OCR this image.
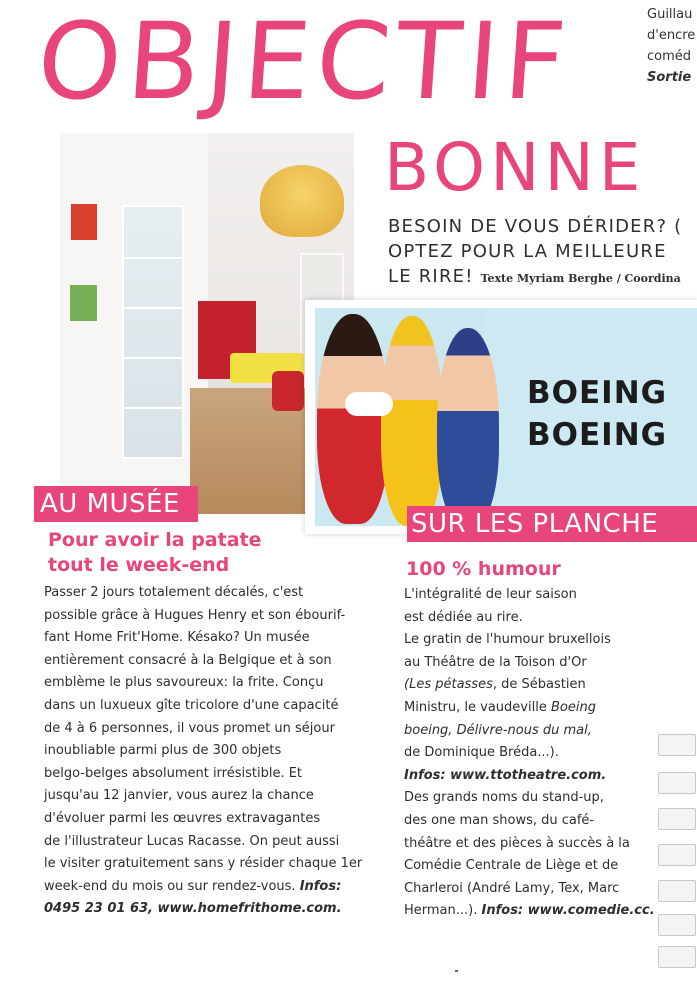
OBJECTIF
BONNE
Guillau
d'encre
coméd
Sortie
BESOIN DE VOUS DÉRIDER? (
OPTEZ POUR LA MEILLEURE
LE RIRE! Texte Myriam Berghe / Coordina
BOEING
BOEING
AU MUSÉE
SUR LES PLANCHE
Pour avoir la patate
tout le week-end
Passer 2 jours totalement décalés, c'est
possible grâce à Hugues Henry et son ébourif-
fant Home Frit'Home. Késako? Un musée
entièrement consacré à la Belgique et à son
emblème le plus savoureux: la frite. Conçu
dans un luxueux gîte tricolore d'une capacité
de 4 à 6 personnes, il vous promet un séjour
inoubliable parmi plus de 300 objets
belgo-belges absolument irrésistible. Et
jusqu'au 12 janvier, vous aurez la chance
d'évoluer parmi les œuvres extravagantes
de l'illustrateur Lucas Racasse. On peut aussi
le visiter gratuitement sans y résider chaque 1er
week-end du mois ou sur rendez-vous. Infos:
0495 23 01 63, www.homefrithome.com.
100 % humour
L'intégralité de leur saison
est dédiée au rire.
Le gratin de l'humour bruxellois
au Théâtre de la Toison d'Or
(Les pétasses, de Sébastien
Ministru, le vaudeville Boeing
boeing, Délivre-nous du mal,
de Dominique Bréda...).
Infos: www.ttotheatre.com.
Des grands noms du stand-up,
des one man shows, du café-
théâtre et des pièces à succès à la
Comédie Centrale de Liège et de
Charleroi (André Lamy, Tex, Marc
Herman...). Infos: www.comedie.cc.
